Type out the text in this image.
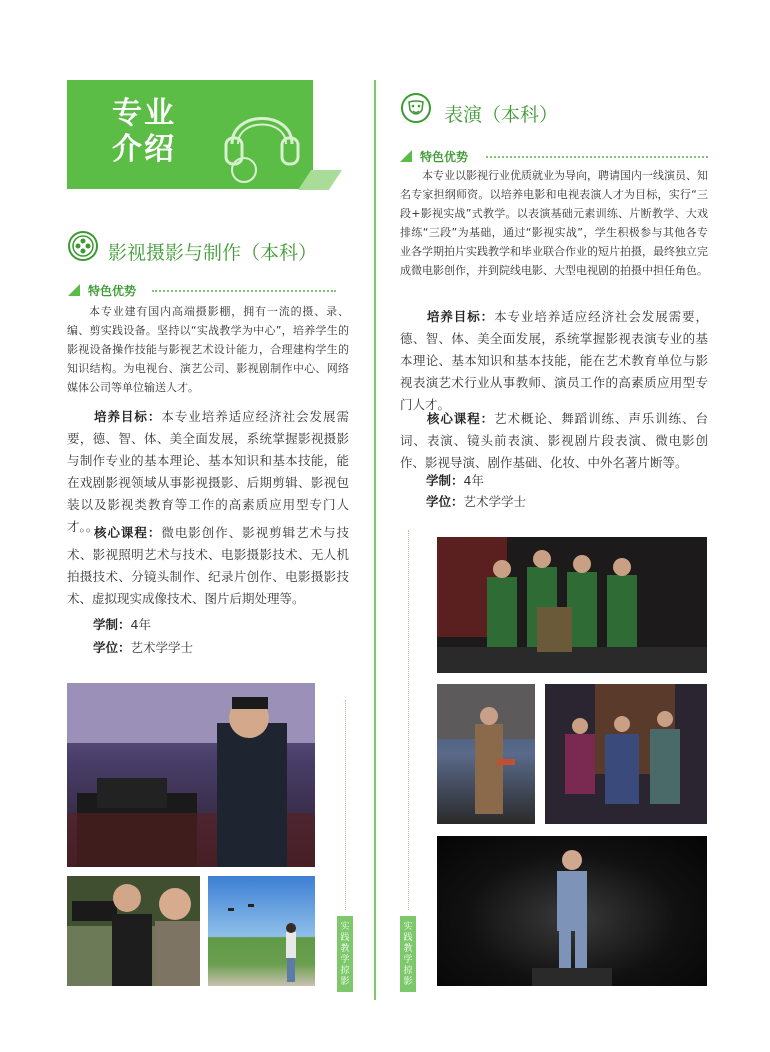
专业
介绍
影视摄影与制作（本科）
特色优势
本专业建有国内高端摄影棚，拥有一流的摄、录、编、剪实践设备。坚持以“实战教学为中心”，培养学生的影视设备操作技能与影视艺术设计能力，合理建构学生的知识结构。为电视台、演艺公司、影视剧制作中心、网络媒体公司等单位输送人才。
培养目标：本专业培养适应经济社会发展需要，德、智、体、美全面发展，系统掌握影视摄影与制作专业的基本理论、基本知识和基本技能，能在戏剧影视领域从事影视摄影、后期剪辑、影视包装以及影视类教育等工作的高素质应用型专门人才。。
核心课程：微电影创作、影视剪辑艺术与技术、影视照明艺术与技术、电影摄影技术、无人机拍摄技术、分镜头制作、纪录片创作、电影摄影技术、虚拟现实成像技术、图片后期处理等。
学制：4年
学位：艺术学学士
实践教学掠影
表演（本科）
特色优势
本专业以影视行业优质就业为导向，聘请国内一线演员、知名专家担纲师资。以培养电影和电视表演人才为目标，实行“三段+影视实战”式教学。以表演基础元素训练、片断教学、大戏排练“三段”为基础，通过“影视实战”，学生积极参与其他各专业各学期拍片实践教学和毕业联合作业的短片拍摄，最终独立完成微电影创作，并到院线电影、大型电视剧的拍摄中担任角色。
培养目标：本专业培养适应经济社会发展需要，德、智、体、美全面发展，系统掌握影视表演专业的基本理论、基本知识和基本技能，能在艺术教育单位与影视表演艺术行业从事教师、演员工作的高素质应用型专门人才。
核心课程：艺术概论、舞蹈训练、声乐训练、台词、表演、镜头前表演、影视剧片段表演、微电影创作、影视导演、剧作基础、化妆、中外名著片断等。
学制：4年
学位：艺术学学士
实践教学掠影
